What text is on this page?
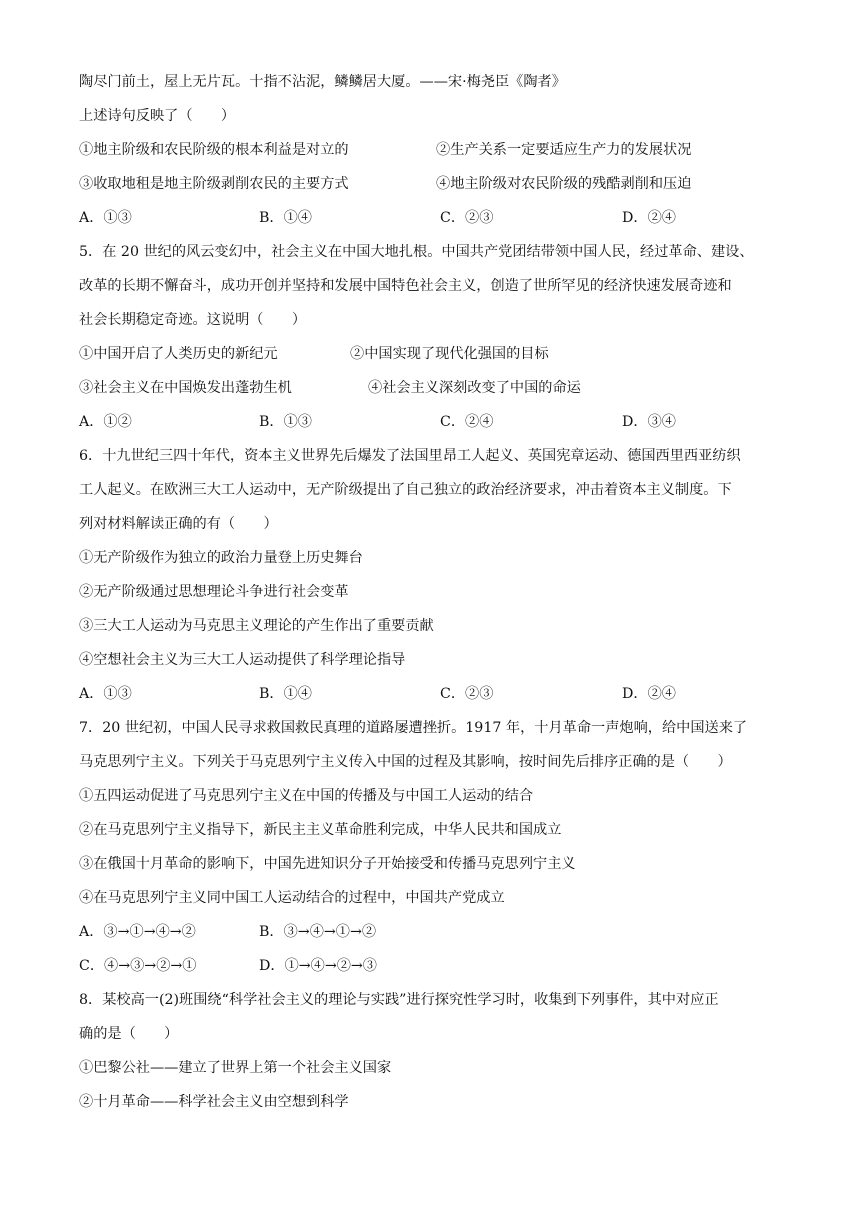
陶尽门前土，屋上无片瓦。十指不沾泥，鳞鳞居大厦。——宋·梅尧臣《陶者》
上述诗句反映了（　　）
①地主阶级和农民阶级的根本利益是对立的	②生产关系一定要适应生产力的发展状况
③收取地租是地主阶级剥削农民的主要方式	④地主阶级对农民阶级的残酷剥削和压迫
A．①③	B．①④	C．②③	D．②④
5．在 20 世纪的风云变幻中，社会主义在中国大地扎根。中国共产党团结带领中国人民，经过革命、建设、
改革的长期不懈奋斗，成功开创并坚持和发展中国特色社会主义，创造了世所罕见的经济快速发展奇迹和
社会长期稳定奇迹。这说明（　　）
①中国开启了人类历史的新纪元	②中国实现了现代化强国的目标
③社会主义在中国焕发出蓬勃生机	④社会主义深刻改变了中国的命运
A．①②	B．①③	C．②④	D．③④
6．十九世纪三四十年代，资本主义世界先后爆发了法国里昂工人起义、英国宪章运动、德国西里西亚纺织
工人起义。在欧洲三大工人运动中，无产阶级提出了自己独立的政治经济要求，冲击着资本主义制度。下
列对材料解读正确的有（　　）
①无产阶级作为独立的政治力量登上历史舞台
②无产阶级通过思想理论斗争进行社会变革
③三大工人运动为马克思主义理论的产生作出了重要贡献
④空想社会主义为三大工人运动提供了科学理论指导
A．①③	B．①④	C．②③	D．②④
7．20 世纪初，中国人民寻求救国救民真理的道路屡遭挫折。1917 年，十月革命一声炮响，给中国送来了
马克思列宁主义。下列关于马克思列宁主义传入中国的过程及其影响，按时间先后排序正确的是（　　）
①五四运动促进了马克思列宁主义在中国的传播及与中国工人运动的结合
②在马克思列宁主义指导下，新民主主义革命胜利完成，中华人民共和国成立
③在俄国十月革命的影响下，中国先进知识分子开始接受和传播马克思列宁主义
④在马克思列宁主义同中国工人运动结合的过程中，中国共产党成立
A．③→①→④→②	B．③→④→①→②
C．④→③→②→①	D．①→④→②→③
8．某校高一(2)班围绕“科学社会主义的理论与实践”进行探究性学习时，收集到下列事件，其中对应正
确的是（　　）
①巴黎公社——建立了世界上第一个社会主义国家
②十月革命——科学社会主义由空想到科学
